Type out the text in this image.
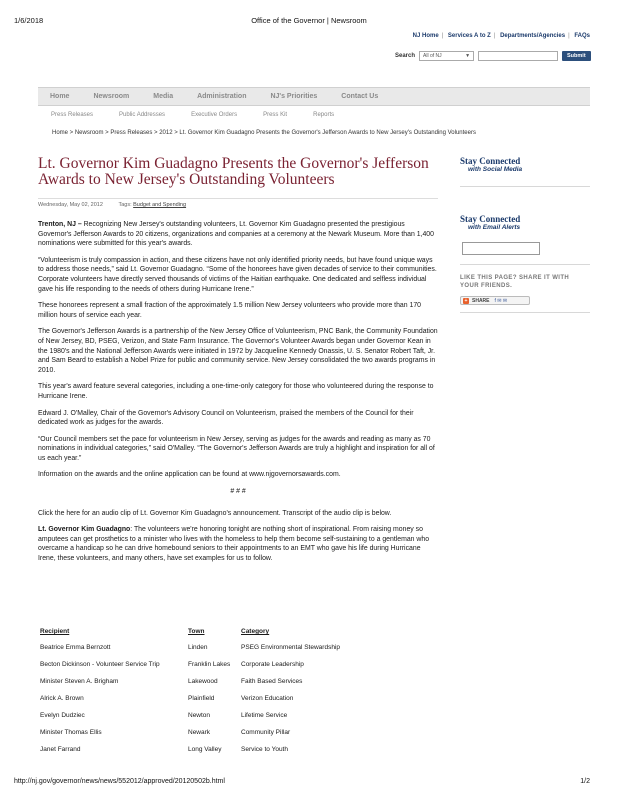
1/6/2018	Office of the Governor | Newsroom
NJ Home | Services A to Z | Departments/Agencies | FAQs
Search All of NJ	▼	Submit
Home	Newsroom	Media	Administration	NJ's Priorities	Contact Us
Press Releases	Public Addresses	Executive Orders	Press Kit	Reports
Home > Newsroom > Press Releases > 2012 > Lt. Governor Kim Guadagno Presents the Governor's Jefferson Awards to New Jersey's Outstanding Volunteers
Lt. Governor Kim Guadagno Presents the Governor's Jefferson Awards to New Jersey's Outstanding Volunteers
Wednesday, May 02, 2012	Tags: Budget and Spending

Trenton, NJ – Recognizing New Jersey's outstanding volunteers, Lt. Governor Kim Guadagno presented the prestigious Governor's Jefferson Awards to 20 citizens, organizations and companies at a ceremony at the Newark Museum. More than 1,400 nominations were submitted for this year's awards.

“Volunteerism is truly compassion in action, and these citizens have not only identified priority needs, but have found unique ways to address those needs,” said Lt. Governor Guadagno. “Some of the honorees have given decades of service to their communities. Corporate volunteers have directly served thousands of victims of the Haitian earthquake. One dedicated and selfless individual gave his life responding to the needs of others during Hurricane Irene.”

These honorees represent a small fraction of the approximately 1.5 million New Jersey volunteers who provide more than 170 million hours of service each year.

The Governor's Jefferson Awards is a partnership of the New Jersey Office of Volunteerism, PNC Bank, the Community Foundation of New Jersey, BD, PSEG, Verizon, and State Farm Insurance. The Governor's Volunteer Awards began under Governor Kean in the 1980's and the National Jefferson Awards were initiated in 1972 by Jacqueline Kennedy Onassis, U. S. Senator Robert Taft, Jr. and Sam Beard to establish a Nobel Prize for public and community service. New Jersey consolidated the two awards programs in 2010.

This year's award feature several categories, including a one-time-only category for those who volunteered during the response to Hurricane Irene.

Edward J. O'Malley, Chair of the Governor's Advisory Council on Volunteerism, praised the members of the Council for their dedicated work as judges for the awards.

“Our Council members set the pace for volunteerism in New Jersey, serving as judges for the awards and reading as many as 70 nominations in individual categories,” said O'Malley. “The Governor's Jefferson Awards are truly a highlight and inspiration for all of us each year.”

Information on the awards and the online application can be found at www.njgovernorsawards.com.

# # #

Click the here for an audio clip of Lt. Governor Kim Guadagno's announcement. Transcript of the audio clip is below.

Lt. Governor Kim Guadagno: The volunteers we're honoring tonight are nothing short of inspirational. From raising money so amputees can get prosthetics to a minister who lives with the homeless to help them become self-sustaining to a gentleman who overcame a handicap so he can drive homebound seniors to their appointments to an EMT who gave his life during Hurricane Irene, these volunteers, and many others, have set examples for us to follow.

Stay Connected
with Social Media
Stay Connected
with Email Alerts
LIKE THIS PAGE? SHARE IT WITH YOUR FRIENDS.
+ SHARE f ✉ ✉
Recipient	Town	Category
Beatrice Emma Bernzott	Linden	PSEG Environmental Stewardship
Becton Dickinson - Volunteer Service Trip	Franklin Lakes	Corporate Leadership
Minister Steven A. Brigham	Lakewood	Faith Based Services
Alrick A. Brown	Plainfield	Verizon Education
Evelyn Dudziec	Newton	Lifetime Service
Minister Thomas Ellis	Newark	Community Pillar
Janet Farrand	Long Valley	Service to Youth
http://nj.gov/governor/news/news/552012/approved/20120502b.html	1/2
